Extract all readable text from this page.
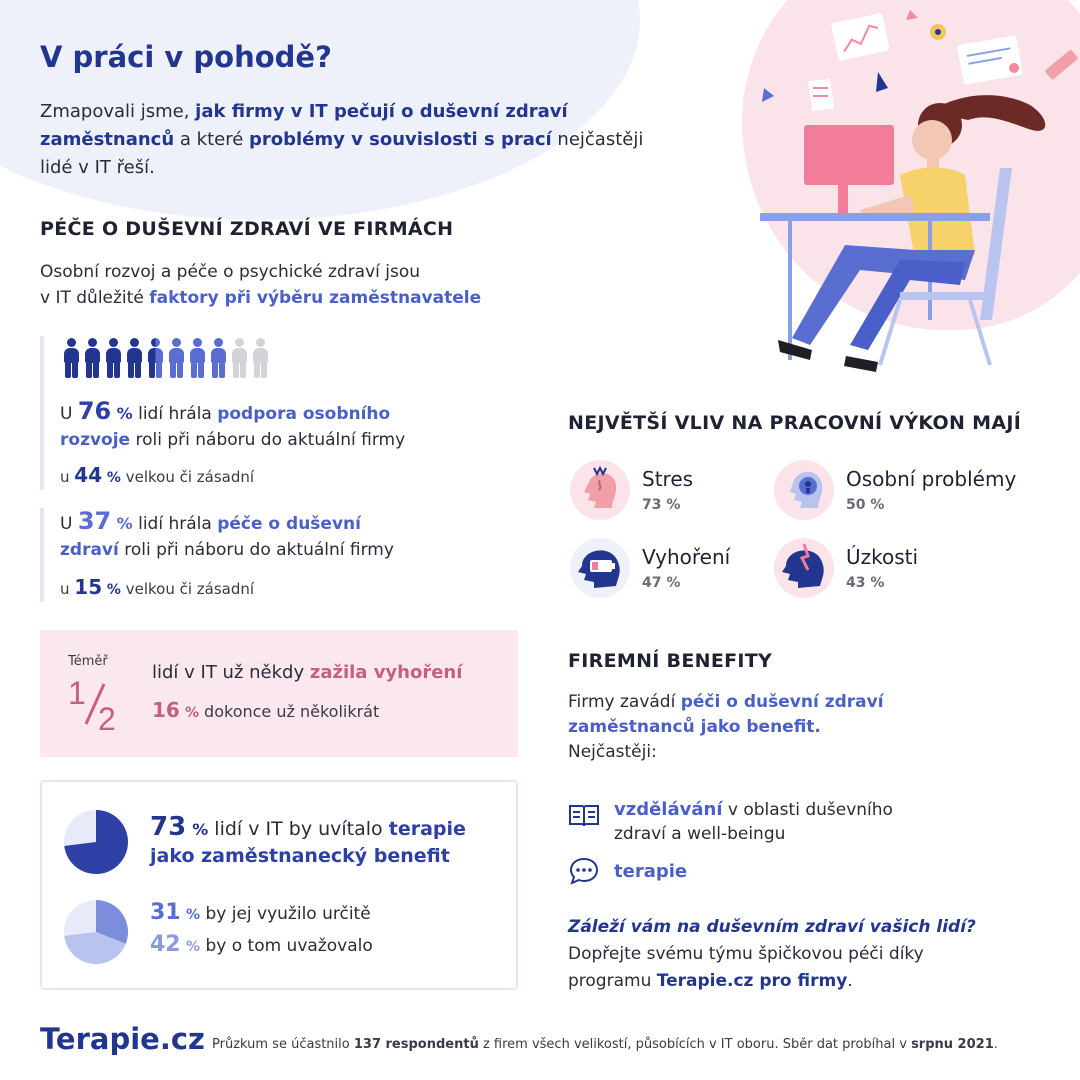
V práci v pohodě?
Zmapovali jsme, jak firmy v IT pečují o duševní zdraví zaměstnanců a které problémy v souvislosti s prací nejčastěji lidé v IT řeší.
PÉČE O DUŠEVNÍ ZDRAVÍ VE FIRMÁCH
Osobní rozvoj a péče o psychické zdraví jsou
v IT důležité faktory při výběru zaměstnavatele
U 76 % lidí hrála podpora osobního
rozvoje roli při náboru do aktuální firmy
u 44 % velkou či zásadní
U 37 % lidí hrála péče o duševní
zdraví roli při náboru do aktuální firmy
u 15 % velkou či zásadní
Téměř
1
2
lidí v IT už někdy zažila vyhoření
16 % dokonce už několikrát
73 % lidí v IT by uvítalo terapie
jako zaměstnanecký benefit
31 % by jej využilo určitě
42 % by o tom uvažovalo
NEJVĚTŠÍ VLIV NA PRACOVNÍ VÝKON MAJÍ
Stres
73 %
Osobní problémy
50 %
Vyhoření
47 %
Úzkosti
43 %
FIREMNÍ BENEFITY
Firmy zavádí péči o duševní zdraví
zaměstnanců jako benefit.
Nejčastěji:
vzdělávání v oblasti duševního
zdraví a well-beingu
terapie
Záleží vám na duševním zdraví vašich lidí?
Dopřejte svému týmu špičkovou péči díky
programu Terapie.cz pro firmy.
Terapie.cz Průzkum se účastnilo 137 respondentů z firem všech velikostí, působících v IT oboru. Sběr dat probíhal v srpnu 2021.
